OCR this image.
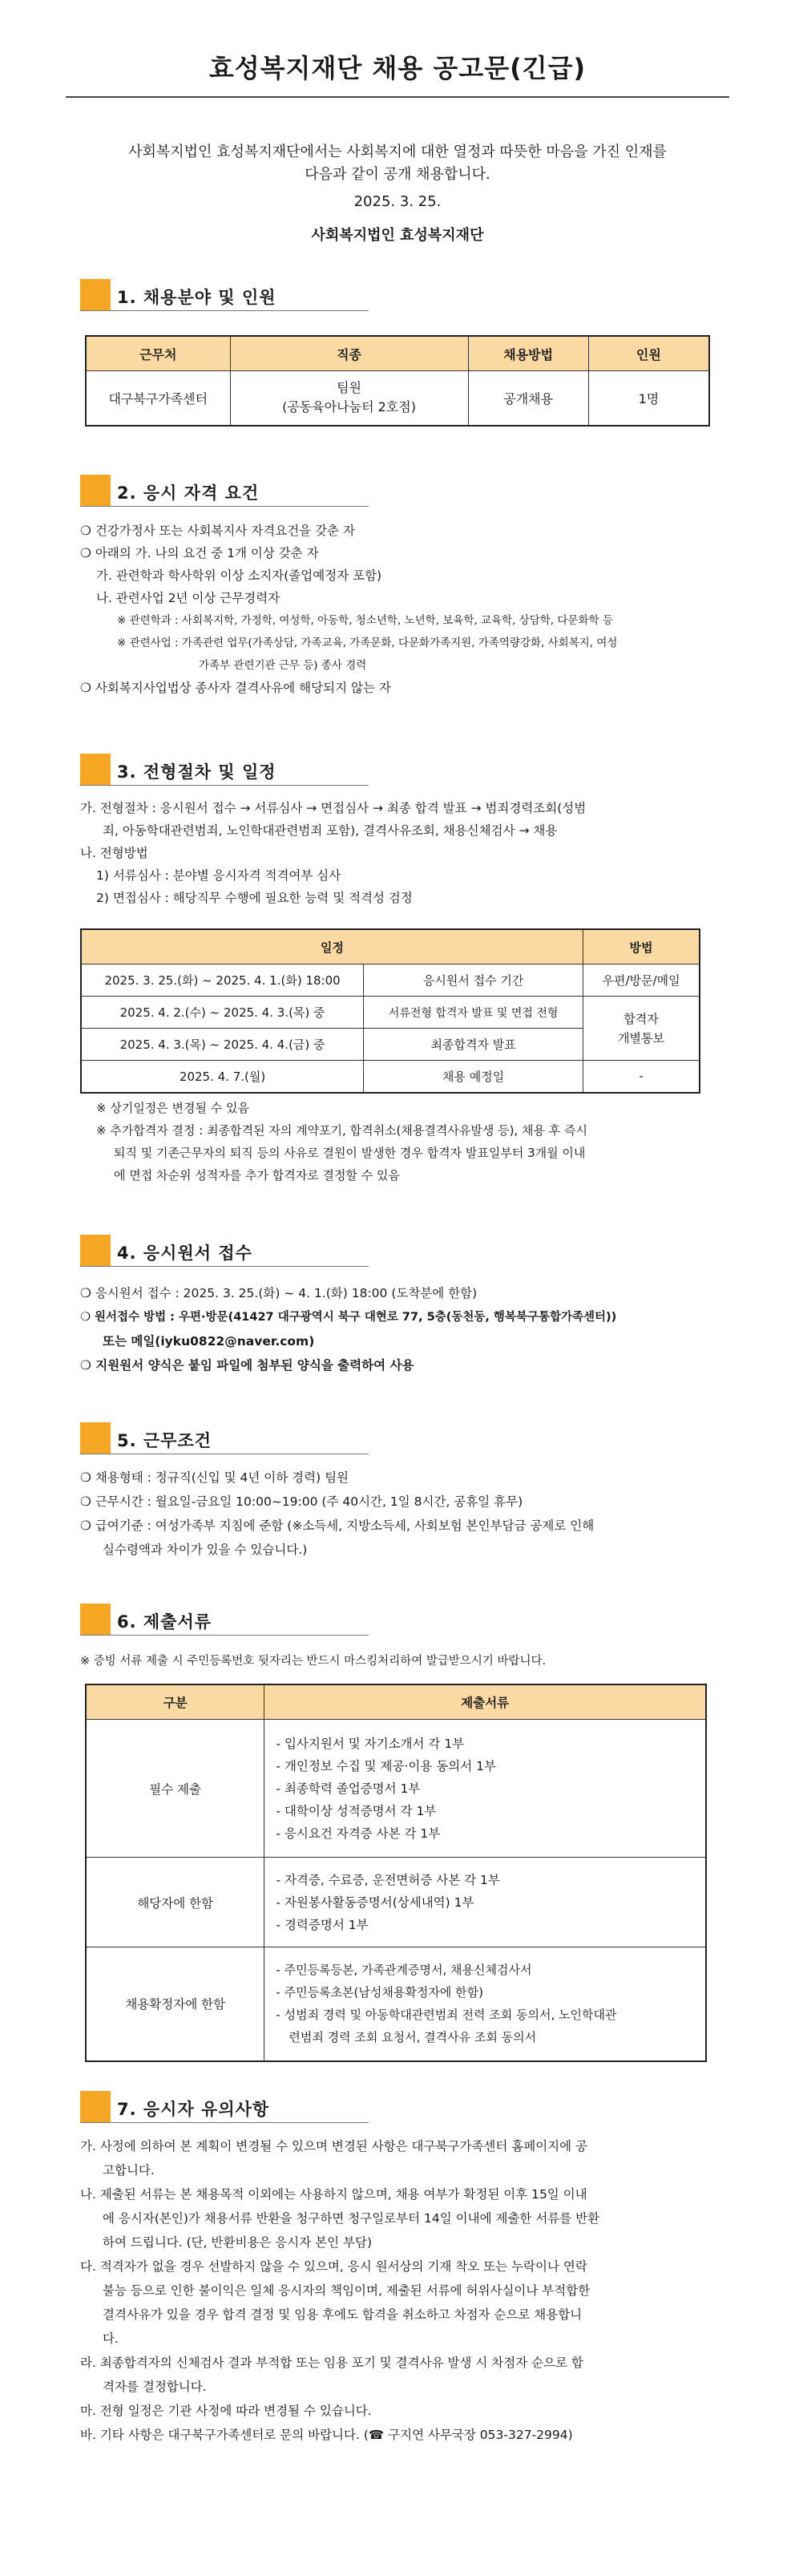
효성복지재단 채용 공고문(긴급)
사회복지법인 효성복지재단에서는 사회복지에 대한 열정과 따뜻한 마음을 가진 인재를
다음과 같이 공개 채용합니다.
2025. 3. 25.
사회복지법인 효성복지재단
1. 채용분야 및 인원
근무처	직종	채용방법	인원
대구북구가족센터	팀원
(공동육아나눔터 2호점)	공개채용	1명
2. 응시 자격 요건

❍ 건강가정사 또는 사회복지사 자격요건을 갖춘 자

❍ 아래의 가. 나의 요건 중 1개 이상 갖춘 자

가. 관련학과 학사학위 이상 소지자(졸업예정자 포함)

나. 관련사업 2년 이상 근무경력자

※ 관련학과 : 사회복지학, 가정학, 여성학, 아동학, 청소년학, 노년학, 보육학, 교육학, 상담학, 다문화학 등

※ 관련사업 : 가족관련 업무(가족상담, 가족교육, 가족문화, 다문화가족지원, 가족역량강화, 사회복지, 여성

가족부 관련기관 근무 등) 종사 경력

❍ 사회복지사업법상 종사자 결격사유에 해당되지 않는 자

3. 전형절차 및 일정

가. 전형절차 : 응시원서 접수 → 서류심사 → 면접심사 → 최종 합격 발표 → 범죄경력조회(성범

죄, 아동학대관련범죄, 노인학대관련범죄 포함), 결격사유조회, 채용신체검사 → 채용

나. 전형방법

1) 서류심사 : 분야별 응시자격 적격여부 심사

2) 면접심사 : 해당직무 수행에 필요한 능력 및 적격성 검정

일정		방법
2025. 3. 25.(화) ~ 2025. 4. 1.(화) 18:00	응시원서 접수 기간	우편/방문/메일
2025. 4. 2.(수) ~ 2025. 4. 3.(목) 중	서류전형 합격자 발표 및 면접 전형	합격자
개별통보

2025. 4. 3.(목) ~ 2025. 4. 4.(금) 중	최종합격자 발표	
2025. 4. 7.(월)	채용 예정일	-

※ 상기일정은 변경될 수 있음

※ 추가합격자 결정 : 최종합격된 자의 계약포기, 합격취소(채용결격사유발생 등), 채용 후 즉시

퇴직 및 기존근무자의 퇴직 등의 사유로 결원이 발생한 경우 합격자 발표일부터 3개월 이내

에 면접 차순위 성적자를 추가 합격자로 결정할 수 있음

4. 응시원서 접수

❍ 응시원서 접수 : 2025. 3. 25.(화) ~ 4. 1.(화) 18:00 (도착분에 한함)

❍ 원서접수 방법 : 우편·방문(41427 대구광역시 북구 대현로 77, 5층(동천동, 행복북구통합가족센터))

또는 메일(iyku0822@naver.com)

❍ 지원원서 양식은 붙임 파일에 첨부된 양식을 출력하여 사용

5. 근무조건

❍ 채용형태 : 정규직(신입 및 4년 이하 경력) 팀원

❍ 근무시간 : 월요일-금요일 10:00~19:00 (주 40시간, 1일 8시간, 공휴일 휴무)

❍ 급여기준 : 여성가족부 지침에 준함 (※소득세, 지방소득세, 사회보험 본인부담금 공제로 인해

실수령액과 차이가 있을 수 있습니다.)

6. 제출서류

※ 증빙 서류 제출 시 주민등록번호 뒷자리는 반드시 마스킹처리하여 발급받으시기 바랍니다.

구분	제출서류
필수 제출	- 입사지원서 및 자기소개서 각 1부
- 개인정보 수집 및 제공·이용 동의서 1부
- 최종학력 졸업증명서 1부
- 대학이상 성적증명서 각 1부
- 응시요건 자격증 사본 각 1부

해당자에 한함	- 자격증, 수료증, 운전면허증 사본 각 1부
- 자원봉사활동증명서(상세내역) 1부
- 경력증명서 1부

채용확정자에 한함	- 주민등록등본, 가족관계증명서, 채용신체검사서
- 주민등록초본(남성채용확정자에 한함)
- 성범죄 경력 및 아동학대관련범죄 전력 조회 동의서, 노인학대관
련범죄 경력 조회 요청서, 결격사유 조회 동의서
7. 응시자 유의사항

가. 사정에 의하여 본 계획이 변경될 수 있으며 변경된 사항은 대구북구가족센터 홈페이지에 공

고합니다.

나. 제출된 서류는 본 채용목적 이외에는 사용하지 않으며, 채용 여부가 확정된 이후 15일 이내

에 응시자(본인)가 채용서류 반환을 청구하면 청구일로부터 14일 이내에 제출한 서류를 반환

하여 드립니다. (단, 반환비용은 응시자 본인 부담)

다. 적격자가 없을 경우 선발하지 않을 수 있으며, 응시 원서상의 기재 착오 또는 누락이나 연락

불능 등으로 인한 불이익은 일체 응시자의 책임이며, 제출된 서류에 허위사실이나 부적합한

결격사유가 있을 경우 합격 결정 및 임용 후에도 합격을 취소하고 차점자 순으로 채용합니

다.

라. 최종합격자의 신체검사 결과 부적합 또는 임용 포기 및 결격사유 발생 시 차점자 순으로 합

격자를 결정합니다.

마. 전형 일정은 기관 사정에 따라 변경될 수 있습니다.

바. 기타 사항은 대구북구가족센터로 문의 바랍니다. (☎ 구지연 사무국장 053-327-2994)
